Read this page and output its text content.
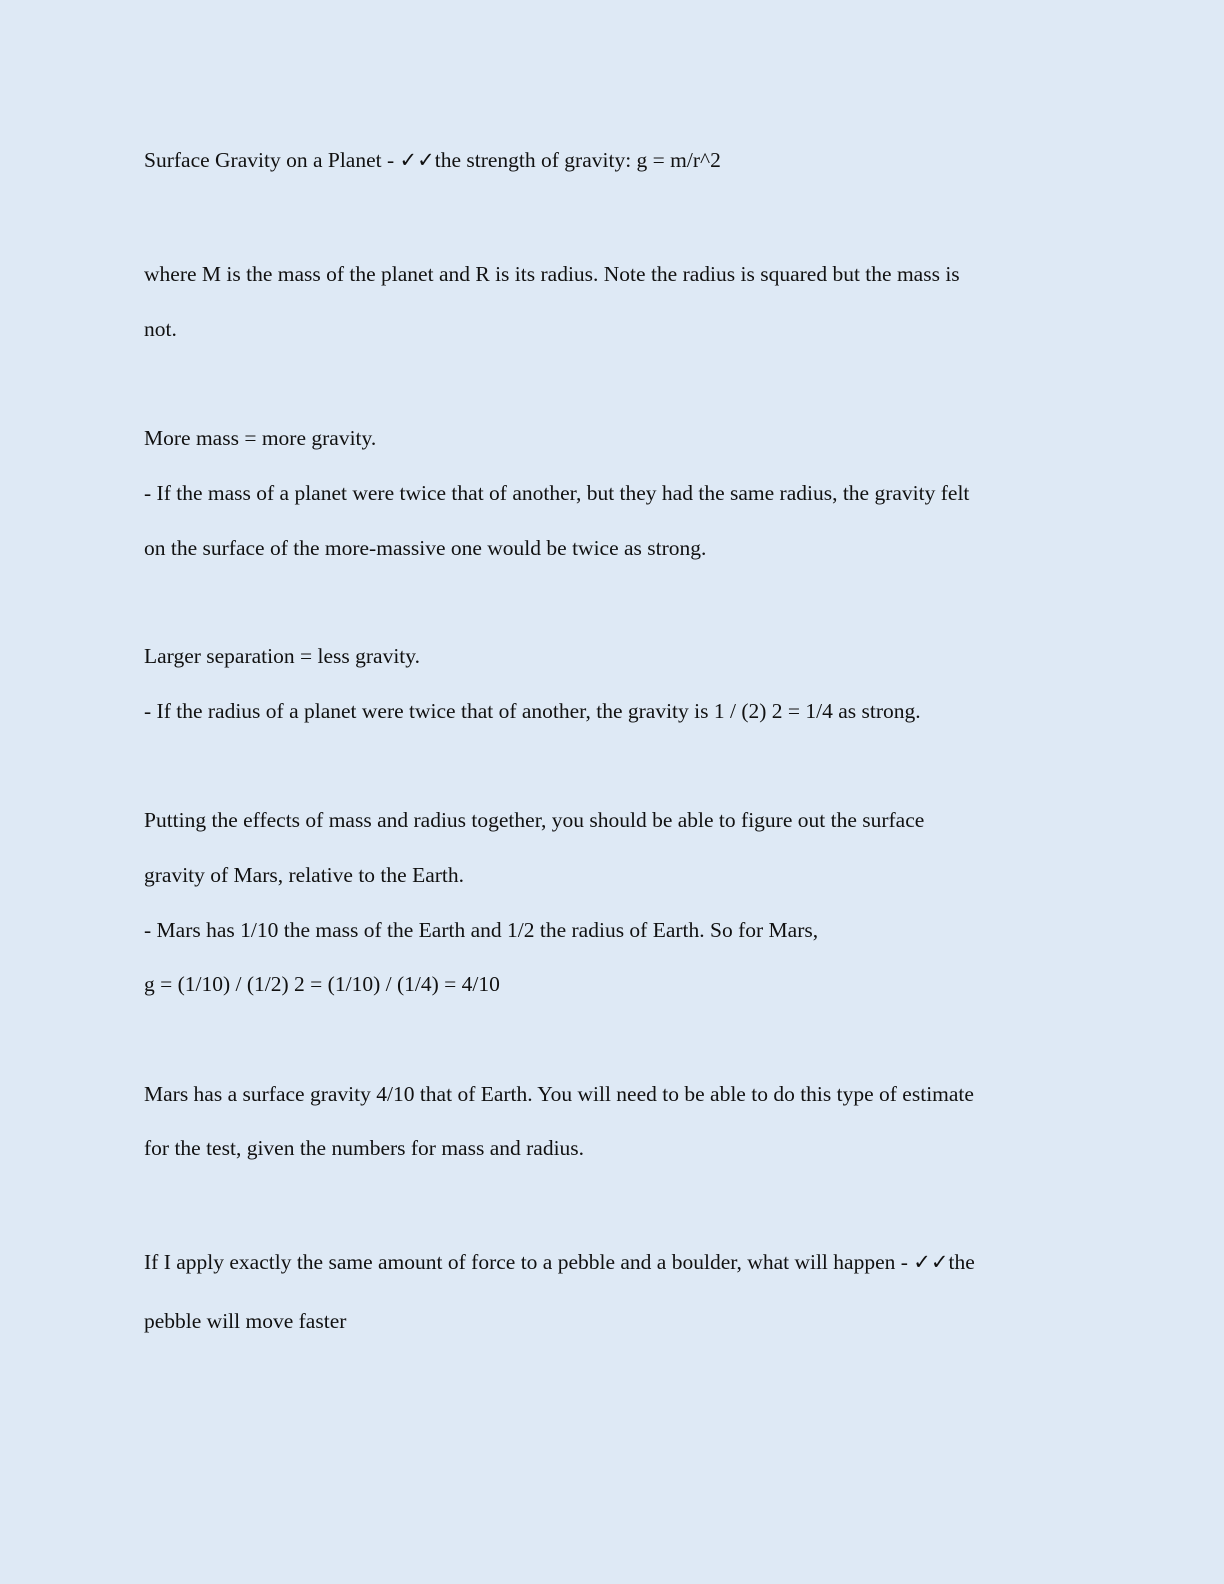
Surface Gravity on a Planet - ✓✓the strength of gravity: g = m/r^2
where M is the mass of the planet and R is its radius. Note the radius is squared but the mass is
not.
More mass = more gravity.
- If the mass of a planet were twice that of another, but they had the same radius, the gravity felt
on the surface of the more-massive one would be twice as strong.
Larger separation = less gravity.
- If the radius of a planet were twice that of another, the gravity is 1 / (2) 2 = 1/4 as strong.
Putting the effects of mass and radius together, you should be able to figure out the surface
gravity of Mars, relative to the Earth.
- Mars has 1/10 the mass of the Earth and 1/2 the radius of Earth. So for Mars,
g = (1/10) / (1/2) 2 = (1/10) / (1/4) = 4/10
Mars has a surface gravity 4/10 that of Earth. You will need to be able to do this type of estimate
for the test, given the numbers for mass and radius.
If I apply exactly the same amount of force to a pebble and a boulder, what will happen - ✓✓the
pebble will move faster
